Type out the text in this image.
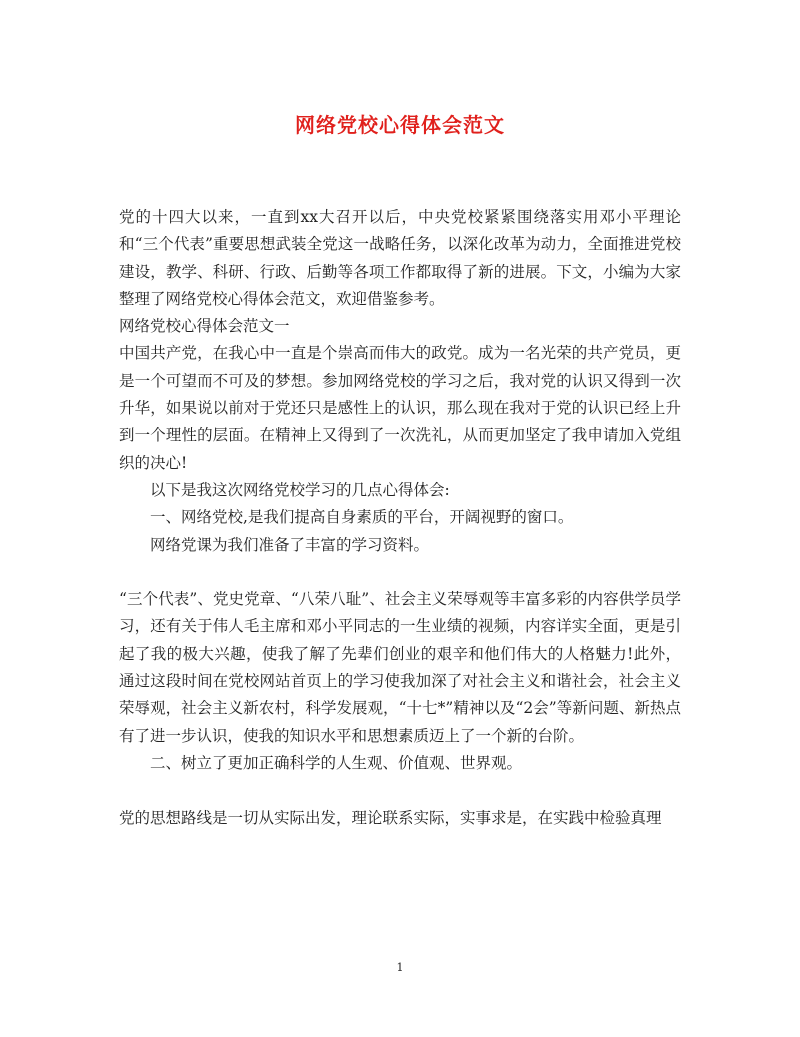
网络党校心得体会范文

党的十四大以来，一直到xx大召开以后，中央党校紧紧围绕落实用邓小平理论和“三个代表”重要思想武装全党这一战略任务，以深化改革为动力，全面推进党校建设，教学、科研、行政、后勤等各项工作都取得了新的进展。下文，小编为大家整理了网络党校心得体会范文，欢迎借鉴参考。

网络党校心得体会范文一

中国共产党，在我心中一直是个崇高而伟大的政党。成为一名光荣的共产党员，更是一个可望而不可及的梦想。参加网络党校的学习之后，我对党的认识又得到一次升华，如果说以前对于党还只是感性上的认识，那么现在我对于党的认识已经上升到一个理性的层面。在精神上又得到了一次洗礼，从而更加坚定了我申请加入党组织的决心!

以下是我这次网络党校学习的几点心得体会:

一、网络党校,是我们提高自身素质的平台，开阔视野的窗口。

网络党课为我们准备了丰富的学习资料。

“三个代表”、党史党章、“八荣八耻”、社会主义荣辱观等丰富多彩的内容供学员学习，还有关于伟人毛主席和邓小平同志的一生业绩的视频，内容详实全面，更是引起了我的极大兴趣，使我了解了先辈们创业的艰辛和他们伟大的人格魅力!此外，通过这段时间在党校网站首页上的学习使我加深了对社会主义和谐社会，社会主义荣辱观，社会主义新农村，科学发展观，“十七*”精神以及“2会”等新问题、新热点有了进一步认识，使我的知识水平和思想素质迈上了一个新的台阶。

二、树立了更加正确科学的人生观、价值观、世界观。

党的思想路线是一切从实际出发，理论联系实际，实事求是，在实践中检验真理

1
